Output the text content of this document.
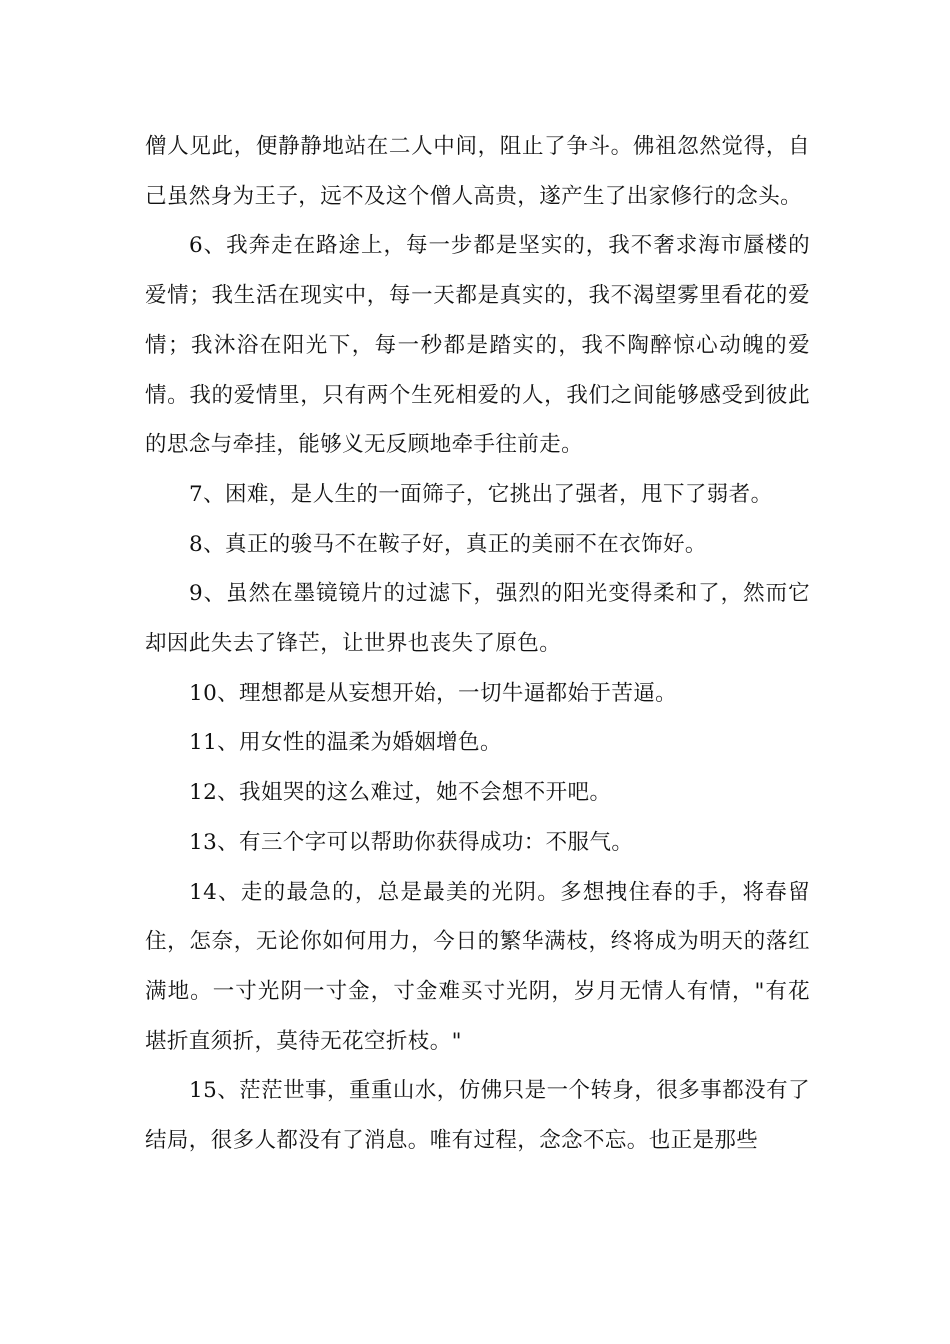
僧人见此，便静静地站在二人中间，阻止了争斗。佛祖忽然觉得，自己虽然身为王子，远不及这个僧人高贵，遂产生了出家修行的念头。

6、我奔走在路途上，每一步都是坚实的，我不奢求海市蜃楼的爱情；我生活在现实中，每一天都是真实的，我不渴望雾里看花的爱情；我沐浴在阳光下，每一秒都是踏实的，我不陶醉惊心动魄的爱情。我的爱情里，只有两个生死相爱的人，我们之间能够感受到彼此的思念与牵挂，能够义无反顾地牵手往前走。

7、困难，是人生的一面筛子，它挑出了强者，甩下了弱者。

8、真正的骏马不在鞍子好，真正的美丽不在衣饰好。

9、虽然在墨镜镜片的过滤下，强烈的阳光变得柔和了，然而它却因此失去了锋芒，让世界也丧失了原色。

10、理想都是从妄想开始，一切牛逼都始于苦逼。

11、用女性的温柔为婚姻增色。

12、我姐哭的这么难过，她不会想不开吧。

13、有三个字可以帮助你获得成功：不服气。

14、走的最急的，总是最美的光阴。多想拽住春的手，将春留住，怎奈，无论你如何用力，今日的繁华满枝，终将成为明天的落红满地。一寸光阴一寸金，寸金难买寸光阴，岁月无情人有情，"有花堪折直须折，莫待无花空折枝。"

15、茫茫世事，重重山水，仿佛只是一个转身，很多事都没有了结局，很多人都没有了消息。唯有过程，念念不忘。也正是那些
